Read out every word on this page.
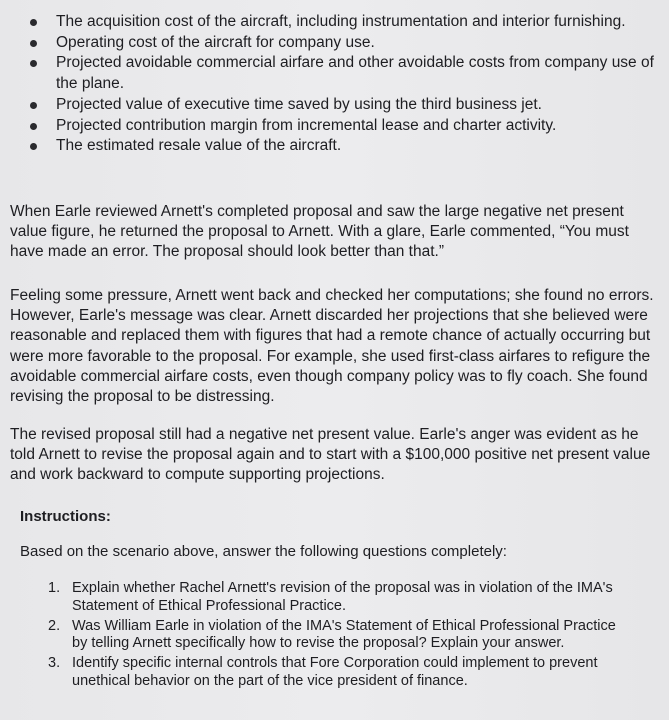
The acquisition cost of the aircraft, including instrumentation and interior furnishing.
Operating cost of the aircraft for company use.
Projected avoidable commercial airfare and other avoidable costs from company use of the plane.
Projected value of executive time saved by using the third business jet.
Projected contribution margin from incremental lease and charter activity.
The estimated resale value of the aircraft.

When Earle reviewed Arnett's completed proposal and saw the large negative net present value figure, he returned the proposal to Arnett. With a glare, Earle commented, “You must have made an error. The proposal should look better than that.”

Feeling some pressure, Arnett went back and checked her computations; she found no errors. However, Earle's message was clear. Arnett discarded her projections that she believed were reasonable and replaced them with figures that had a remote chance of actually occurring but were more favorable to the proposal. For example, she used first-class airfares to refigure the avoidable commercial airfare costs, even though company policy was to fly coach. She found revising the proposal to be distressing.

The revised proposal still had a negative net present value. Earle's anger was evident as he told Arnett to revise the proposal again and to start with a $100,000 positive net present value and work backward to compute supporting projections.

Instructions:

Based on the scenario above, answer the following questions completely:

1. Explain whether Rachel Arnett's revision of the proposal was in violation of the IMA's Statement of Ethical Professional Practice.
2. Was William Earle in violation of the IMA's Statement of Ethical Professional Practice by telling Arnett specifically how to revise the proposal? Explain your answer.
3. Identify specific internal controls that Fore Corporation could implement to prevent unethical behavior on the part of the vice president of finance.
